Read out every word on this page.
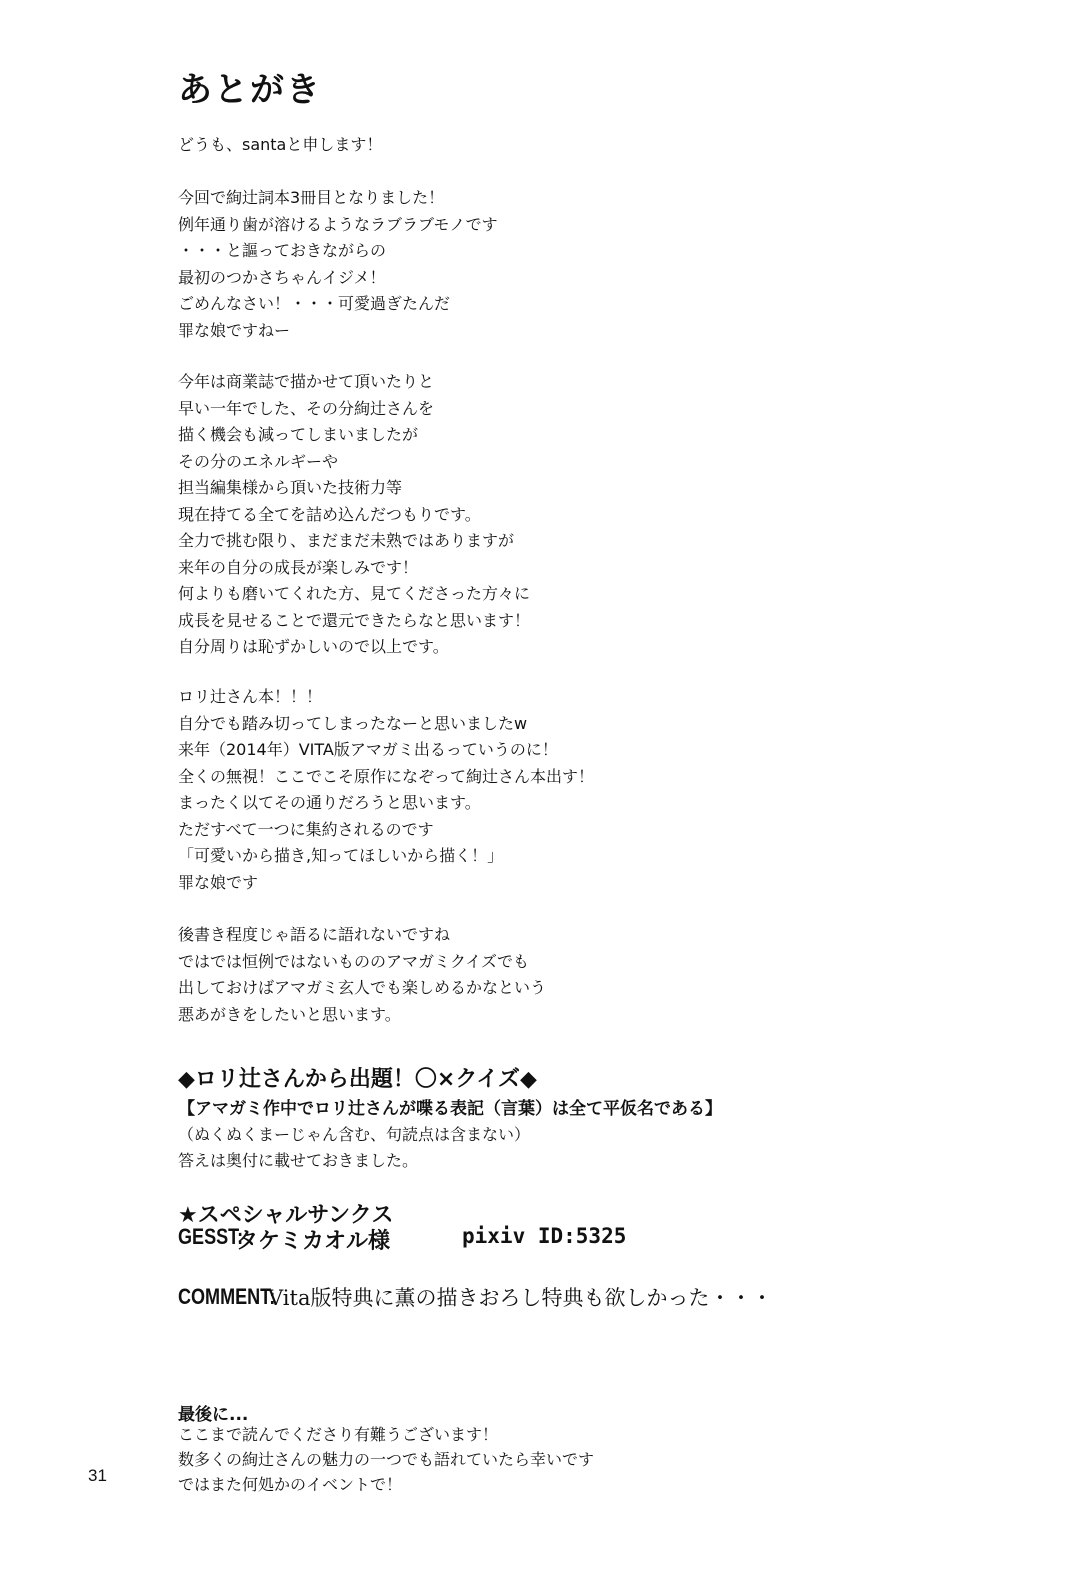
あとがき
どうも、santaと申します！
今回で絢辻詞本3冊目となりました！
例年通り歯が溶けるようなラブラブモノです
・・・と謳っておきながらの
最初のつかさちゃんイジメ！
ごめんなさい！・・・可愛過ぎたんだ
罪な娘ですねー
今年は商業誌で描かせて頂いたりと
早い一年でした、その分絢辻さんを
描く機会も減ってしまいましたが
その分のエネルギーや
担当編集様から頂いた技術力等
現在持てる全てを詰め込んだつもりです。
全力で挑む限り、まだまだ未熟ではありますが
来年の自分の成長が楽しみです！
何よりも磨いてくれた方、見てくださった方々に
成長を見せることで還元できたらなと思います！
自分周りは恥ずかしいので以上です。
ロリ辻さん本！！！
自分でも踏み切ってしまったなーと思いましたw
来年（2014年）VITA版アマガミ出るっていうのに！
全くの無視！ここでこそ原作になぞって絢辻さん本出す！
まったく以てその通りだろうと思います。
ただすべて一つに集約されるのです
「可愛いから描き,知ってほしいから描く！」
罪な娘です
後書き程度じゃ語るに語れないですね
ではでは恒例ではないもののアマガミクイズでも
出しておけばアマガミ玄人でも楽しめるかなという
悪あがきをしたいと思います。
◆ロリ辻さんから出題！〇×クイズ◆
【アマガミ作中でロリ辻さんが喋る表記（言葉）は全て平仮名である】
（ぬくぬくまーじゃん含む、句読点は含まない）
答えは奥付に載せておきました。
★スペシャルサンクス
GESST:
タケミカオル様	pixiv ID:5325
COMMENT:
Vita版特典に薫の描きおろし特典も欲しかった・・・
最後に...
ここまで読んでくださり有難うございます！
数多くの絢辻さんの魅力の一つでも語れていたら幸いです
ではまた何処かのイベントで！
31
